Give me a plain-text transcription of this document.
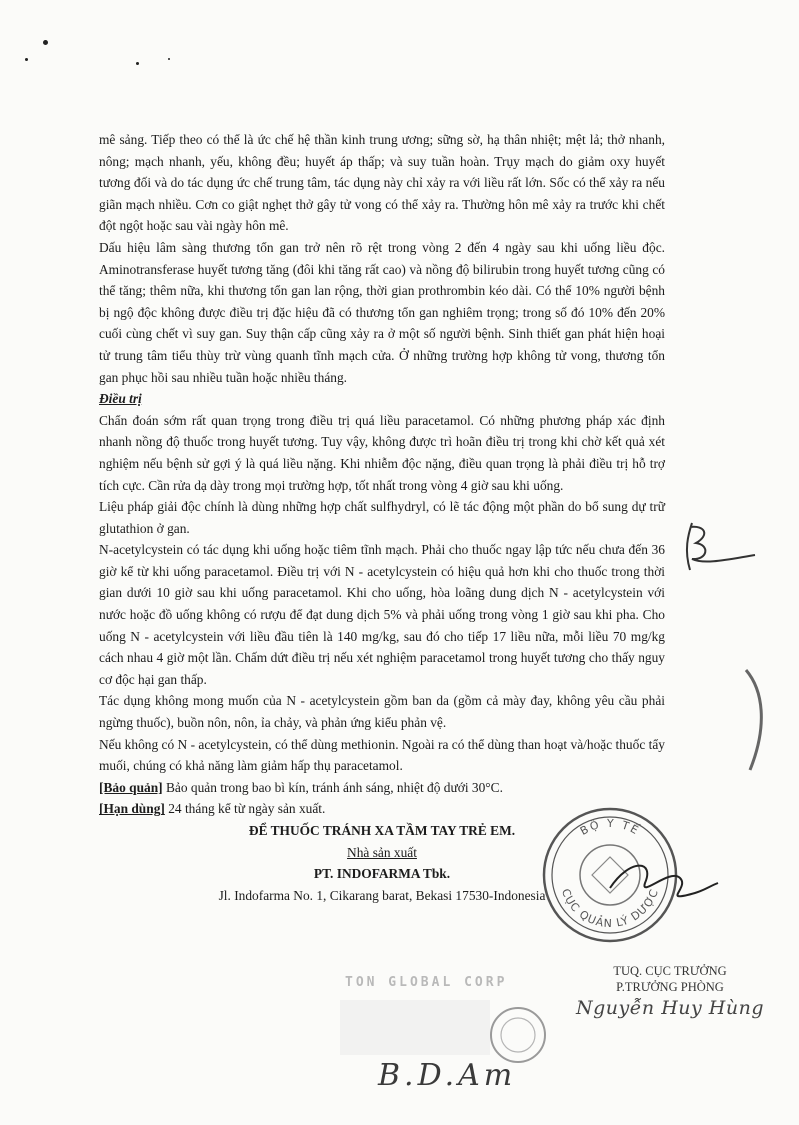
mê sảng. Tiếp theo có thể là ức chế hệ thần kinh trung ương; sững sờ, hạ thân nhiệt; mệt lả; thở nhanh, nông; mạch nhanh, yếu, không đều; huyết áp thấp; và suy tuần hoàn. Trụy mạch do giảm oxy huyết tương đối và do tác dụng ức chế trung tâm, tác dụng này chỉ xảy ra với liều rất lớn. Sốc có thể xảy ra nếu giãn mạch nhiều. Cơn co giật nghẹt thở gây tử vong có thể xảy ra. Thường hôn mê xảy ra trước khi chết đột ngột hoặc sau vài ngày hôn mê.

Dấu hiệu lâm sàng thương tổn gan trở nên rõ rệt trong vòng 2 đến 4 ngày sau khi uống liều độc. Aminotransferase huyết tương tăng (đôi khi tăng rất cao) và nồng độ bilirubin trong huyết tương cũng có thể tăng; thêm nữa, khi thương tổn gan lan rộng, thời gian prothrombin kéo dài. Có thể 10% người bệnh bị ngộ độc không được điều trị đặc hiệu đã có thương tổn gan nghiêm trọng; trong số đó 10% đến 20% cuối cùng chết vì suy gan. Suy thận cấp cũng xảy ra ở một số người bệnh. Sinh thiết gan phát hiện hoại tử trung tâm tiểu thùy trừ vùng quanh tĩnh mạch cửa. Ở những trường hợp không tử vong, thương tổn gan phục hồi sau nhiều tuần hoặc nhiều tháng.

Điều trị

Chẩn đoán sớm rất quan trọng trong điều trị quá liều paracetamol. Có những phương pháp xác định nhanh nồng độ thuốc trong huyết tương. Tuy vậy, không được trì hoãn điều trị trong khi chờ kết quả xét nghiệm nếu bệnh sử gợi ý là quá liều nặng. Khi nhiễm độc nặng, điều quan trọng là phải điều trị hỗ trợ tích cực. Cần rửa dạ dày trong mọi trường hợp, tốt nhất trong vòng 4 giờ sau khi uống.

Liệu pháp giải độc chính là dùng những hợp chất sulfhydryl, có lẽ tác động một phần do bổ sung dự trữ glutathion ở gan.

N-acetylcystein có tác dụng khi uống hoặc tiêm tĩnh mạch. Phải cho thuốc ngay lập tức nếu chưa đến 36 giờ kể từ khi uống paracetamol. Điều trị với N - acetylcystein có hiệu quả hơn khi cho thuốc trong thời gian dưới 10 giờ sau khi uống paracetamol. Khi cho uống, hòa loãng dung dịch N - acetylcystein với nước hoặc đồ uống không có rượu để đạt dung dịch 5% và phải uống trong vòng 1 giờ sau khi pha. Cho uống N - acetylcystein với liều đầu tiên là 140 mg/kg, sau đó cho tiếp 17 liều nữa, mỗi liều 70 mg/kg cách nhau 4 giờ một lần. Chấm dứt điều trị nếu xét nghiệm paracetamol trong huyết tương cho thấy nguy cơ độc hại gan thấp.

Tác dụng không mong muốn của N - acetylcystein gồm ban da (gồm cả mày đay, không yêu cầu phải ngừng thuốc), buồn nôn, nôn, ỉa chảy, và phản ứng kiểu phản vệ.

Nếu không có N - acetylcystein, có thể dùng methionin. Ngoài ra có thể dùng than hoạt và/hoặc thuốc tẩy muối, chúng có khả năng làm giảm hấp thụ paracetamol.

[Bảo quản] Bảo quản trong bao bì kín, tránh ánh sáng, nhiệt độ dưới 30°C.

[Hạn dùng] 24 tháng kể từ ngày sản xuất.

ĐỂ THUỐC TRÁNH XA TẦM TAY TRẺ EM.

Nhà sản xuất

PT. INDOFARMA Tbk.

Jl. Indofarma No. 1, Cikarang barat, Bekasi 17530-Indonesia

BỘ Y TẾ
CỤC QUẢN LÝ DƯỢC
TUQ. CỤC TRƯỞNG
P.TRƯỞNG PHÒNG
Nguyễn Huy Hùng
TON GLOBAL CORP
B.D.Am
